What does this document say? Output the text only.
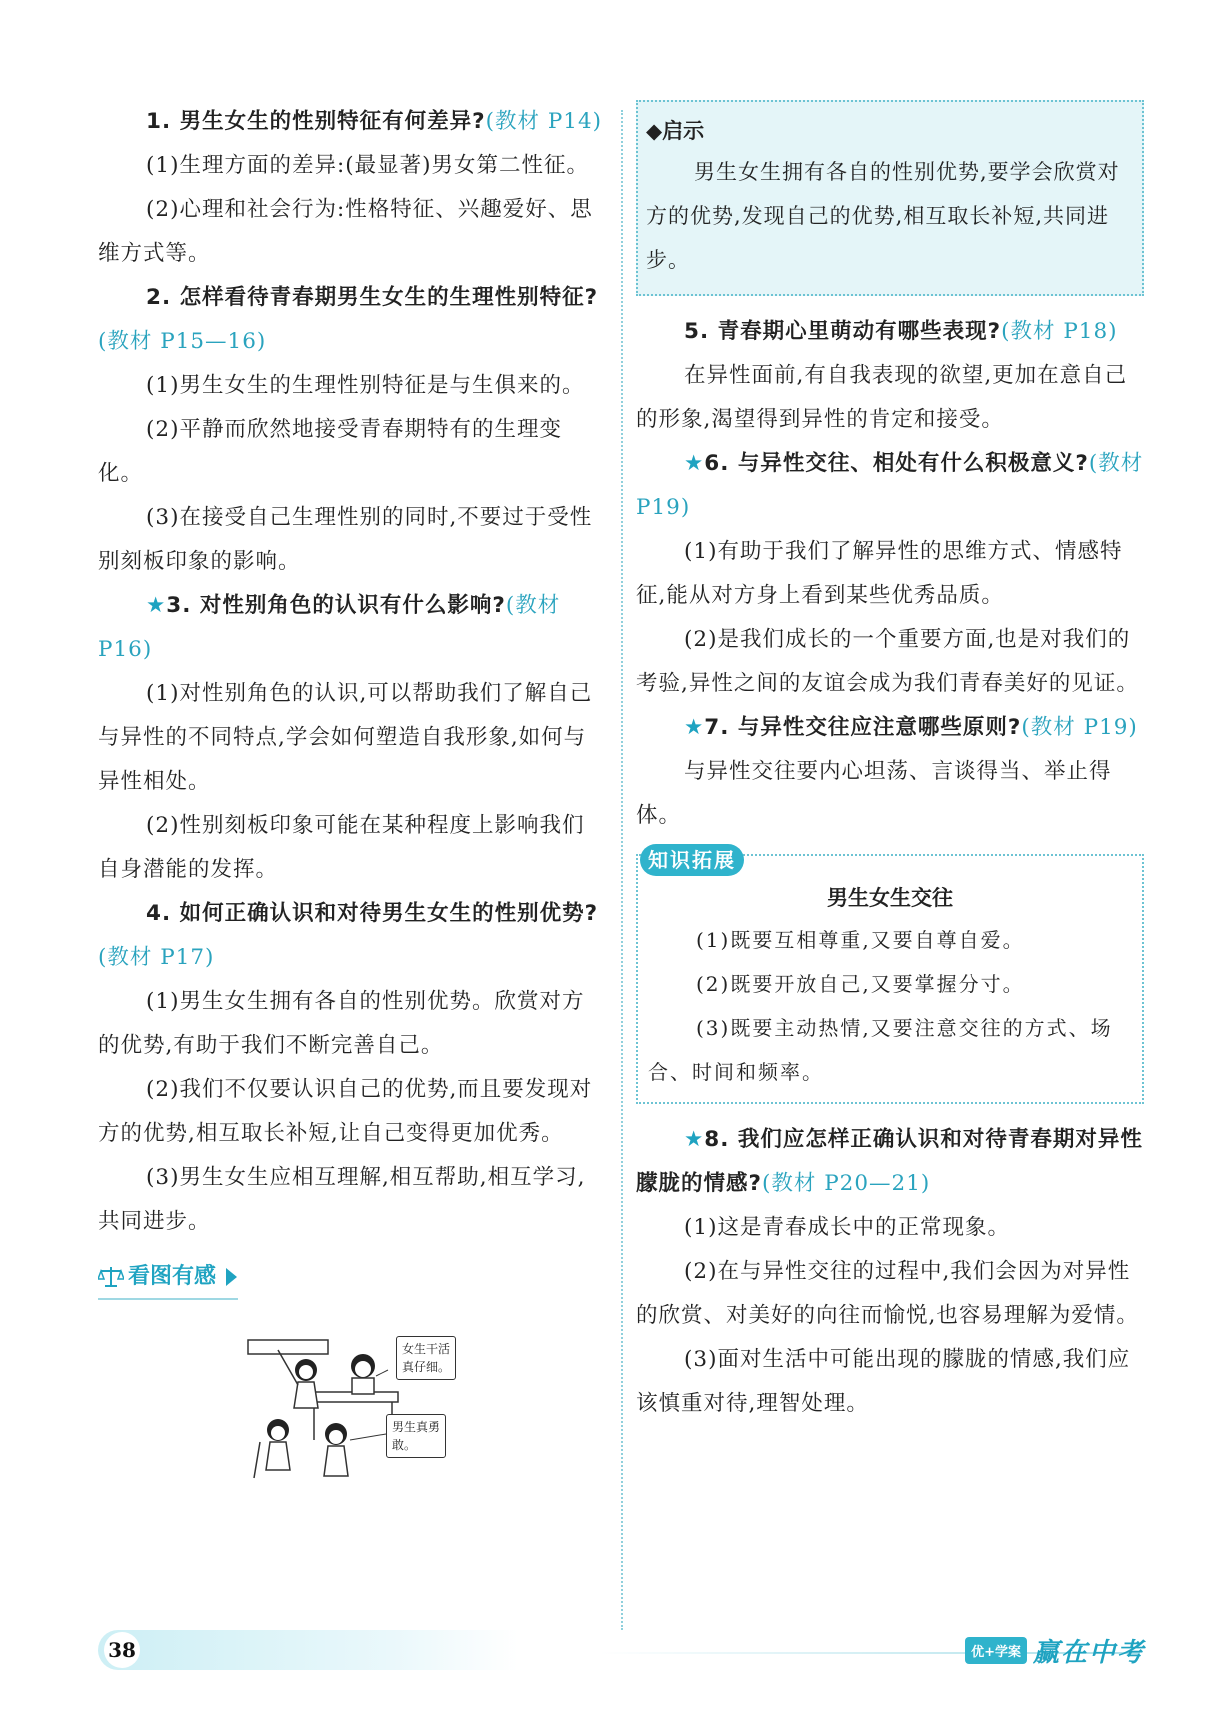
1. 男生女生的性别特征有何差异?(教材 P14)

(1)生理方面的差异:(最显著)男女第二性征。

(2)心理和社会行为:性格特征、兴趣爱好、思维方式等。

2. 怎样看待青春期男生女生的生理性别特征?(教材 P15—16)

(1)男生女生的生理性别特征是与生俱来的。

(2)平静而欣然地接受青春期特有的生理变化。

(3)在接受自己生理性别的同时,不要过于受性别刻板印象的影响。

★3. 对性别角色的认识有什么影响?(教材 P16)

(1)对性别角色的认识,可以帮助我们了解自己与异性的不同特点,学会如何塑造自我形象,如何与异性相处。

(2)性别刻板印象可能在某种程度上影响我们自身潜能的发挥。

4. 如何正确认识和对待男生女生的性别优势?(教材 P17)

(1)男生女生拥有各自的性别优势。欣赏对方的优势,有助于我们不断完善自己。

(2)我们不仅要认识自己的优势,而且要发现对方的优势,相互取长补短,让自己变得更加优秀。

(3)男生女生应相互理解,相互帮助,相互学习,共同进步。

看图有感
女生干活真仔细。
男生真勇敢。
◆启示

男生女生拥有各自的性别优势,要学会欣赏对方的优势,发现自己的优势,相互取长补短,共同进步。

5. 青春期心里萌动有哪些表现?(教材 P18)

在异性面前,有自我表现的欲望,更加在意自己的形象,渴望得到异性的肯定和接受。

★6. 与异性交往、相处有什么积极意义?(教材 P19)

(1)有助于我们了解异性的思维方式、情感特征,能从对方身上看到某些优秀品质。

(2)是我们成长的一个重要方面,也是对我们的考验,异性之间的友谊会成为我们青春美好的见证。

★7. 与异性交往应注意哪些原则?(教材 P19)

与异性交往要内心坦荡、言谈得当、举止得体。

知识拓展
男生女生交往

(1)既要互相尊重,又要自尊自爱。

(2)既要开放自己,又要掌握分寸。

(3)既要主动热情,又要注意交往的方式、场合、时间和频率。

★8. 我们应怎样正确认识和对待青春期对异性朦胧的情感?(教材 P20—21)

(1)这是青春成长中的正常现象。

(2)在与异性交往的过程中,我们会因为对异性的欣赏、对美好的向往而愉悦,也容易理解为爱情。

(3)面对生活中可能出现的朦胧的情感,我们应该慎重对待,理智处理。

38	优+学案 赢在中考
